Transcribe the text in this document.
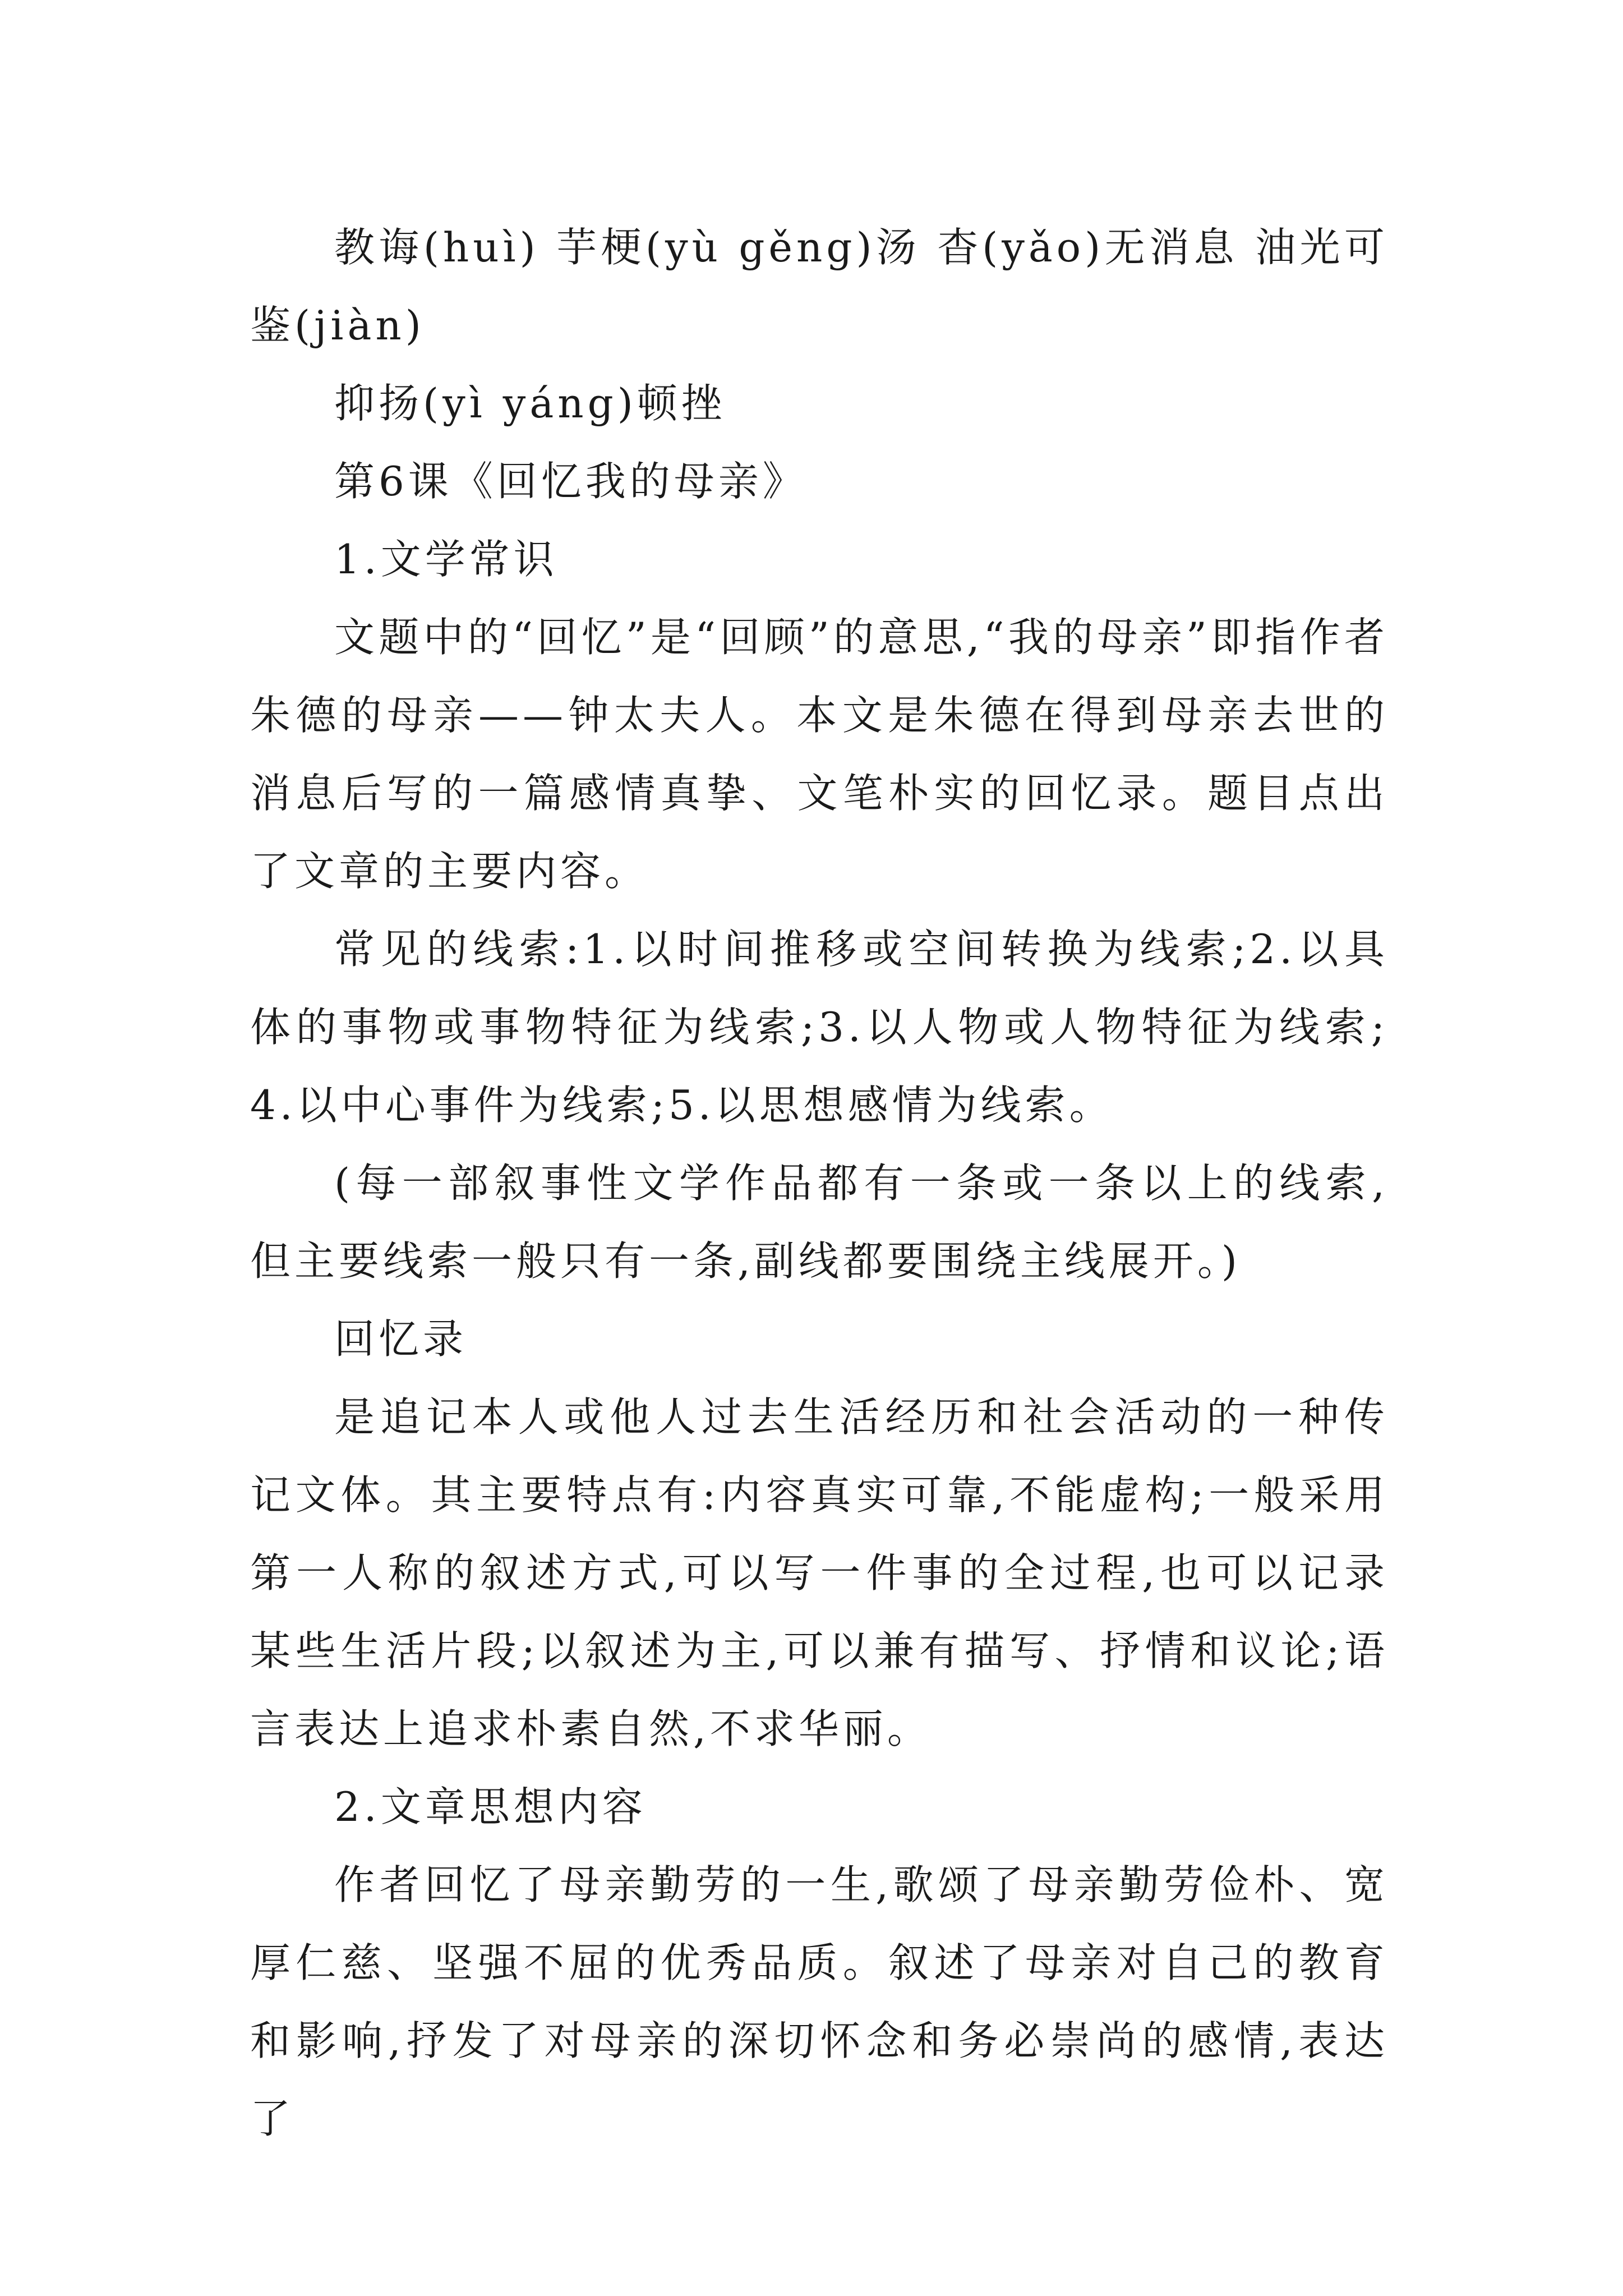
教诲(huì) 芋梗(yù gěng)汤 杳(yǎo)无消息 油光可鉴(jiàn)

抑扬(yì yáng)顿挫

第6课《回忆我的母亲》

1.文学常识

文题中的“回忆”是“回顾”的意思,“我的母亲”即指作者朱德的母亲——钟太夫人。本文是朱德在得到母亲去世的消息后写的一篇感情真挚、文笔朴实的回忆录。题目点出了文章的主要内容。

常见的线索:1.以时间推移或空间转换为线索;2.以具体的事物或事物特征为线索;3.以人物或人物特征为线索;4.以中心事件为线索;5.以思想感情为线索。

(每一部叙事性文学作品都有一条或一条以上的线索,但主要线索一般只有一条,副线都要围绕主线展开。)

回忆录

是追记本人或他人过去生活经历和社会活动的一种传记文体。其主要特点有:内容真实可靠,不能虚构;一般采用第一人称的叙述方式,可以写一件事的全过程,也可以记录某些生活片段;以叙述为主,可以兼有描写、抒情和议论;语言表达上追求朴素自然,不求华丽。

2.文章思想内容

作者回忆了母亲勤劳的一生,歌颂了母亲勤劳俭朴、宽厚仁慈、坚强不屈的优秀品质。叙述了母亲对自己的教育和影响,抒发了对母亲的深切怀念和务必崇尚的感情,表达了
